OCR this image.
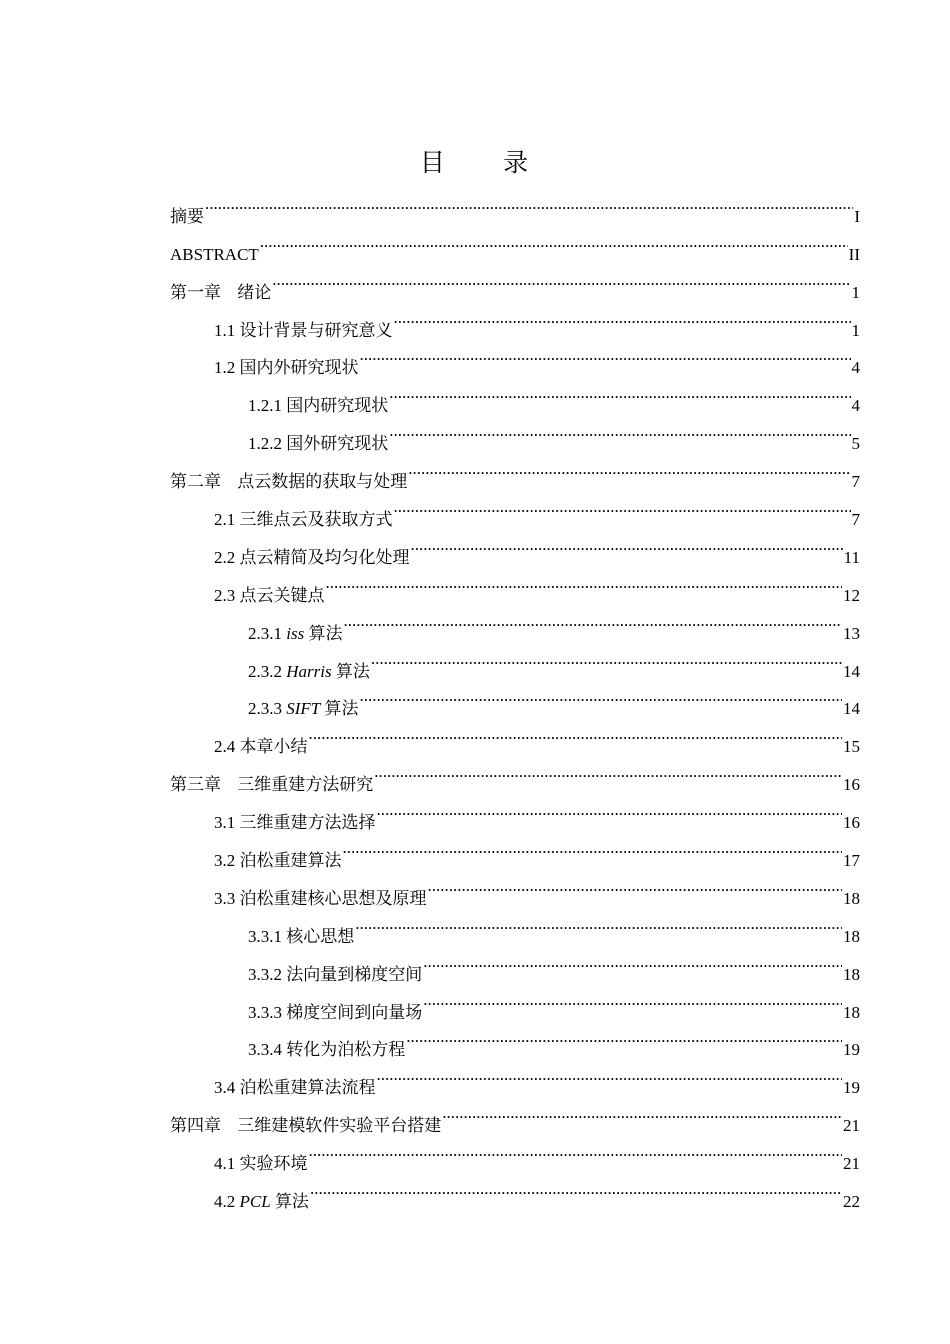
目 录
摘要 .....	I
ABSTRACT .....	II
第一章 绪论 .....	1
1.1 设计背景与研究意义 .....	1
1.2 国内外研究现状 .....	4
1.2.1 国内研究现状 .....	4
1.2.2 国外研究现状 .....	5
第二章 点云数据的获取与处理 .....	7
2.1 三维点云及获取方式 .....	7
2.2 点云精简及均匀化处理 .....	11
2.3 点云关键点 .....	12
2.3.1 iss 算法 .....	13
2.3.2 Harris 算法 .....	14
2.3.3 SIFT 算法 .....	14
2.4 本章小结 .....	15
第三章 三维重建方法研究 .....	16
3.1 三维重建方法选择 .....	16
3.2 泊松重建算法 .....	17
3.3 泊松重建核心思想及原理 .....	18
3.3.1 核心思想 .....	18
3.3.2 法向量到梯度空间 .....	18
3.3.3 梯度空间到向量场 .....	18
3.3.4 转化为泊松方程 .....	19
3.4 泊松重建算法流程 .....	19
第四章 三维建模软件实验平台搭建 .....	21
4.1 实验环境 .....	21
4.2 PCL 算法 .....	22
